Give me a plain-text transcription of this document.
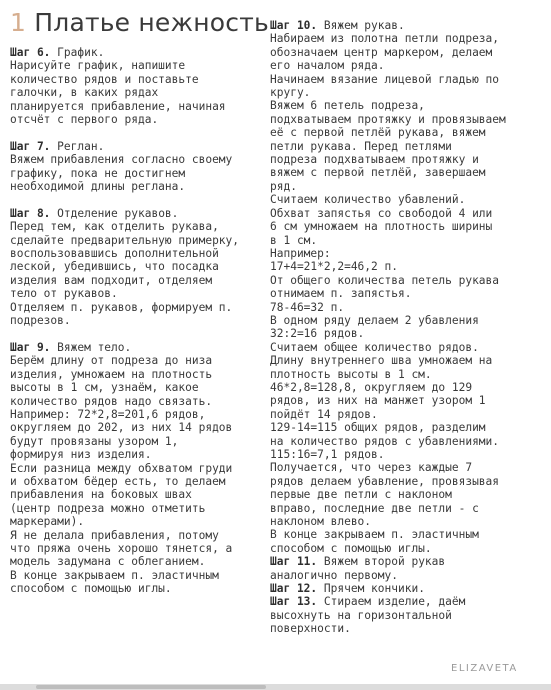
1 Платье нежность
Шаг 6. График.
Нарисуйте график, напишите
количество рядов и поставьте
галочки, в каких рядах
планируется прибавление, начиная
отсчёт с первого ряда.
Шаг 7. Реглан.
Вяжем прибавления согласно своему
графику, пока не достигнем
необходимой длины реглана.
Шаг 8. Отделение рукавов.
Перед тем, как отделить рукава,
сделайте предварительную примерку,
воспользовавшись дополнительной
леской, убедившись, что посадка
изделия вам подходит, отделяем
тело от рукавов.
Отделяем п. рукавов, формируем п.
подрезов.
Шаг 9. Вяжем тело.
Берём длину от подреза до низа
изделия, умножаем на плотность
высоты в 1 см, узнаём, какое
количество рядов надо связать.
Например: 72*2,8=201,6 рядов,
округляем до 202, из них 14 рядов
будут провязаны узором 1,
формируя низ изделия.
Если разница между обхватом груди
и обхватом бёдер есть, то делаем
прибавления на боковых швах
(центр подреза можно отметить
маркерами).
Я не делала прибавления, потому
что пряжа очень хорошо тянется, а
модель задумана с облеганием.
В конце закрываем п. эластичным
способом с помощью иглы.
Шаг 10. Вяжем рукав.
Набираем из полотна петли подреза,
обозначаем центр маркером, делаем
его началом ряда.
Начинаем вязание лицевой гладью по
кругу.
Вяжем 6 петель подреза,
подхватываем протяжку и провязываем
её с первой петлёй рукава, вяжем
петли рукава. Перед петлями
подреза подхватываем протяжку и
вяжем с первой петлёй, завершаем
ряд.
Считаем количество убавлений.
Обхват запястья со свободой 4 или
6 см умножаем на плотность ширины
в 1 см.
Например:
17+4=21*2,2=46,2 п.
От общего количества петель рукава
отнимаем п. запястья.
78-46=32 п.
В одном ряду делаем 2 убавления
32:2=16 рядов.
Считаем общее количество рядов.
Длину внутреннего шва умножаем на
плотность высоты в 1 см.
46*2,8=128,8, округляем до 129
рядов, из них на манжет узором 1
пойдёт 14 рядов.
129-14=115 общих рядов, разделим
на количество рядов с убавлениями.
115:16=7,1 рядов.
Получается, что через каждые 7
рядов делаем убавление, провязывая
первые две петли с наклоном
вправо, последние две петли - с
наклоном влево.
В конце закрываем п. эластичным
способом с помощью иглы.
Шаг 11. Вяжем второй рукав
аналогично первому.
Шаг 12. Прячем кончики.
Шаг 13. Стираем изделие, даём
высохнуть на горизонтальной
поверхности.
ELIZAVETA
